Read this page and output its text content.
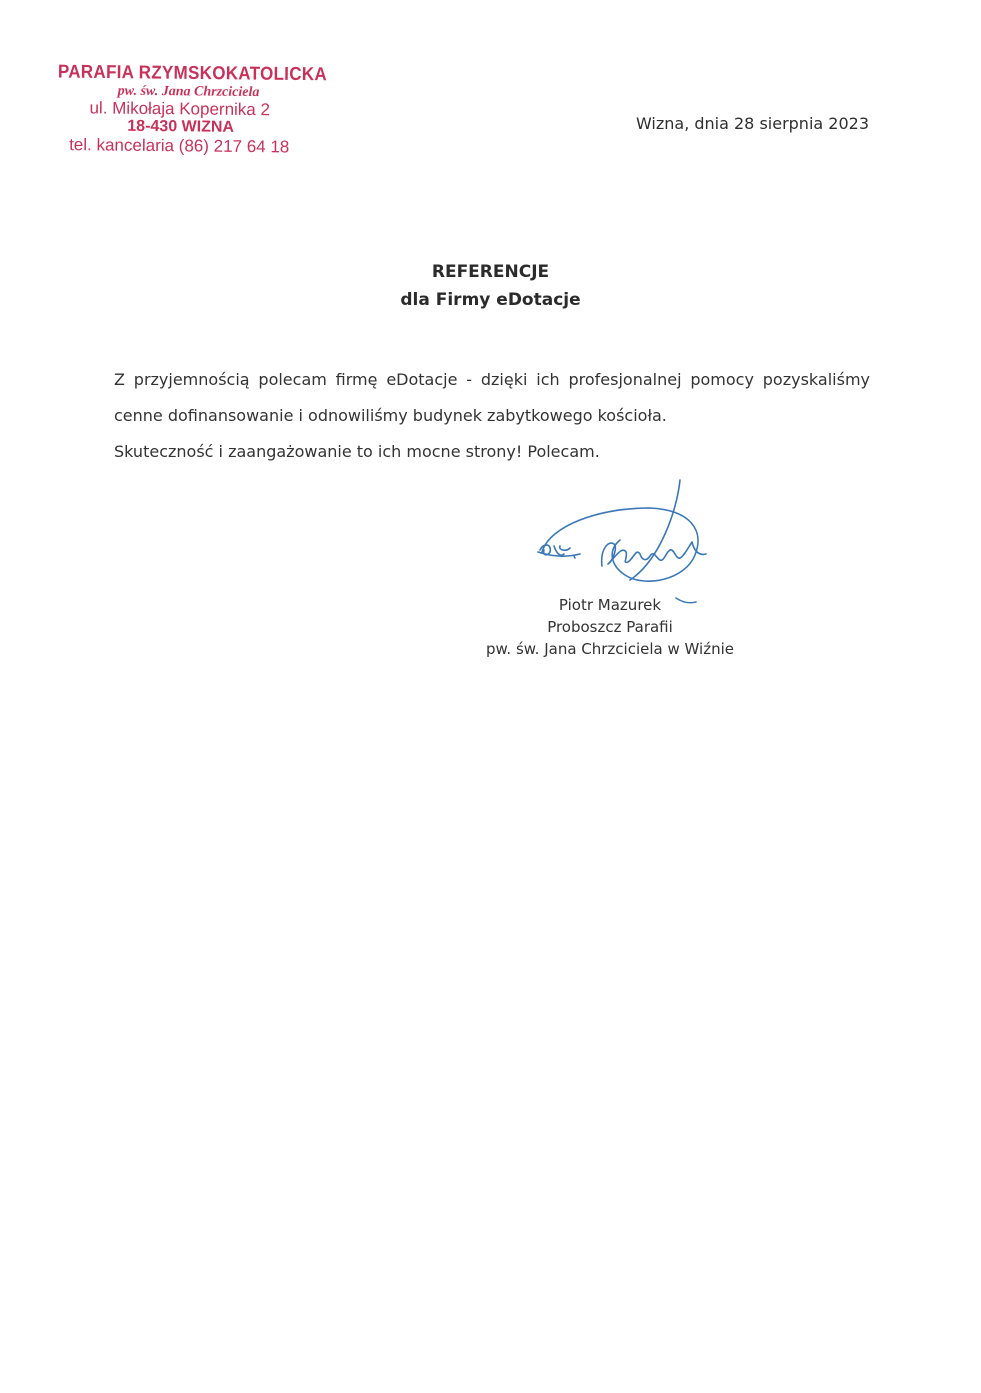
PARAFIA RZYMSKOKATOLICKA
pw. św. Jana Chrzciciela
ul. Mikołaja Kopernika 2
18-430 WIZNA
tel. kancelaria (86) 217 64 18
Wizna, dnia 28 sierpnia 2023
REFERENCJE
dla Firmy eDotacje

Z przyjemnością polecam firmę eDotacje - dzięki ich profesjonalnej pomocy pozyskaliśmy

cenne dofinansowanie i odnowiliśmy budynek zabytkowego kościoła.

Skuteczność i zaangażowanie to ich mocne strony! Polecam.

Piotr Mazurek
Proboszcz Parafii
pw. św. Jana Chrzciciela w Wiźnie
